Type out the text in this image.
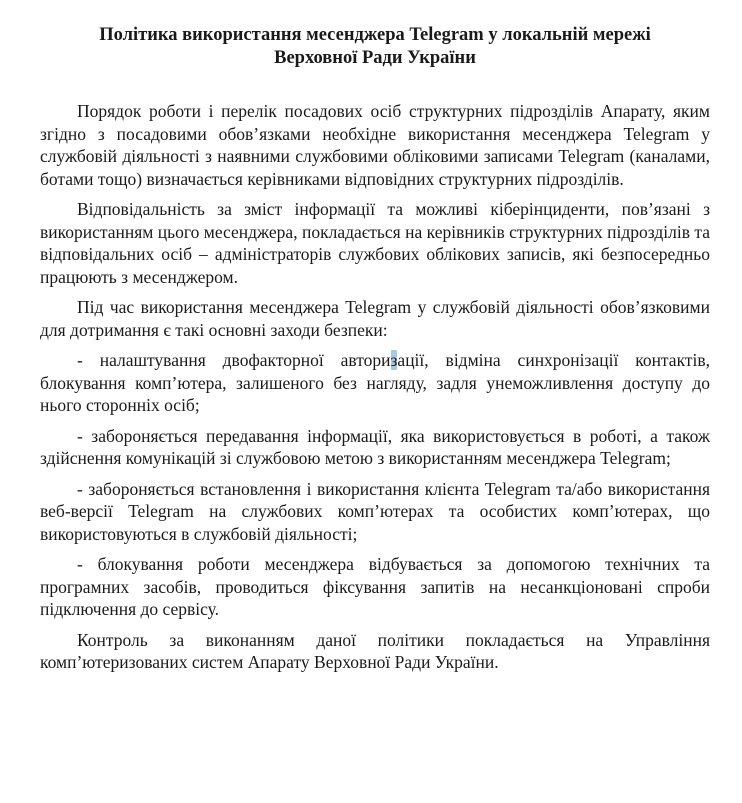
Політика використання месенджера Telegram у локальній мережі
Верховної Ради України

Порядок роботи і перелік посадових осіб структурних підрозділів Апарату, яким згідно з посадовими обов’язками необхідне використання месенджера Telegram у службовій діяльності з наявними службовими обліковими записами Telegram (каналами, ботами тощо) визначається керівниками відповідних структурних підрозділів.

Відповідальність за зміст інформації та можливі кіберінциденти, пов’язані з використанням цього месенджера, покладається на керівників структурних підрозділів та відповідальних осіб – адміністраторів службових облікових записів, які безпосередньо працюють з месенджером.

Під час використання месенджера Telegram у службовій діяльності обов’язковими для дотримання є такі основні заходи безпеки:

- налаштування двофакторної авторизації, відміна синхронізації контактів, блокування комп’ютера, залишеного без нагляду, задля унеможливлення доступу до нього сторонніх осіб;

- забороняється передавання інформації, яка використовується в роботі, а також здійснення комунікацій зі службовою метою з використанням месенджера Telegram;

- забороняється встановлення і використання клієнта Telegram та/або використання веб-версії Telegram на службових комп’ютерах та особистих комп’ютерах, що використовуються в службовій діяльності;

- блокування роботи месенджера відбувається за допомогою технічних та програмних засобів, проводиться фіксування запитів на несанкціоновані спроби підключення до сервісу.

Контроль за виконанням даної політики покладається на Управління комп’ютеризованих систем Апарату Верховної Ради України.
